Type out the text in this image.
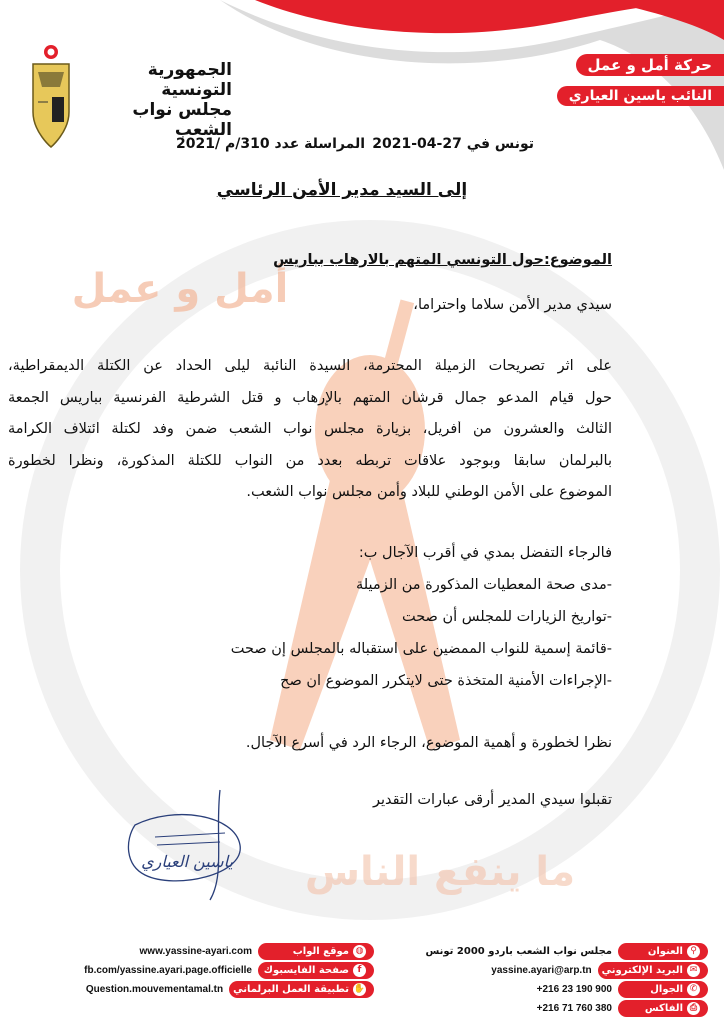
أمل و عمل
ما ينفع الناس
الجمهورية التونسية
مجلس نواب الشعب
حركة أمل و عمل
النائب ياسين العياري
تونس في 27-04-2021
المراسلة عدد 310/م /2021
إلى السيد مدير الأمن الرئاسي
الموضوع:حول التونسي المتهم بالارهاب بباريس
سيدي مدير الأمن سلاما واحتراما،
على اثر تصريحات الزميلة المحترمة، السيدة النائبة ليلى الحداد عن الكتلة الديمقراطية،
حول قيام المدعو جمال قرشان المتهم بالإرهاب و قتل الشرطية الفرنسية بباريس الجمعة
الثالث والعشرون من أفريل، بزيارة مجلس نواب الشعب ضمن وفد لكتلة ائتلاف الكرامة
بالبرلمان سابقا وبوجود علاقات تربطه بعدد من النواب للكتلة المذكورة، ونظرا لخطورة
الموضوع على الأمن الوطني للبلاد وأمن مجلس نواب الشعب.
فالرجاء التفضل بمدي في أقرب الآجال ب:
-مدى صحة المعطيات المذكورة من الزميلة
-تواريخ الزيارات للمجلس أن صحت
-قائمة إسمية للنواب الممضين على استقباله بالمجلس إن صحت
-الإجراءات الأمنية المتخذة حتى لايتكرر الموضوع ان صح
نظرا لخطورة و أهمية الموضوع، الرجاء الرد في أسرع الآجال.
تقبلوا سيدي المدير أرقى عبارات التقدير
ياسين العياري
⚲
العنوان
مجلس نواب الشعب باردو 2000 تونس
✉
البريد الإلكتروني
yassine.ayari@arp.tn
✆
الجوال
+216 23 190 900
⎙
الفاكس
+216 71 760 380
◍
موقع الواب
www.yassine-ayari.com
f
صفحة الفايسبوك
fb.com/yassine.ayari.page.officielle
✋
تطبيقة العمل البرلماني
Question.mouvementamal.tn
